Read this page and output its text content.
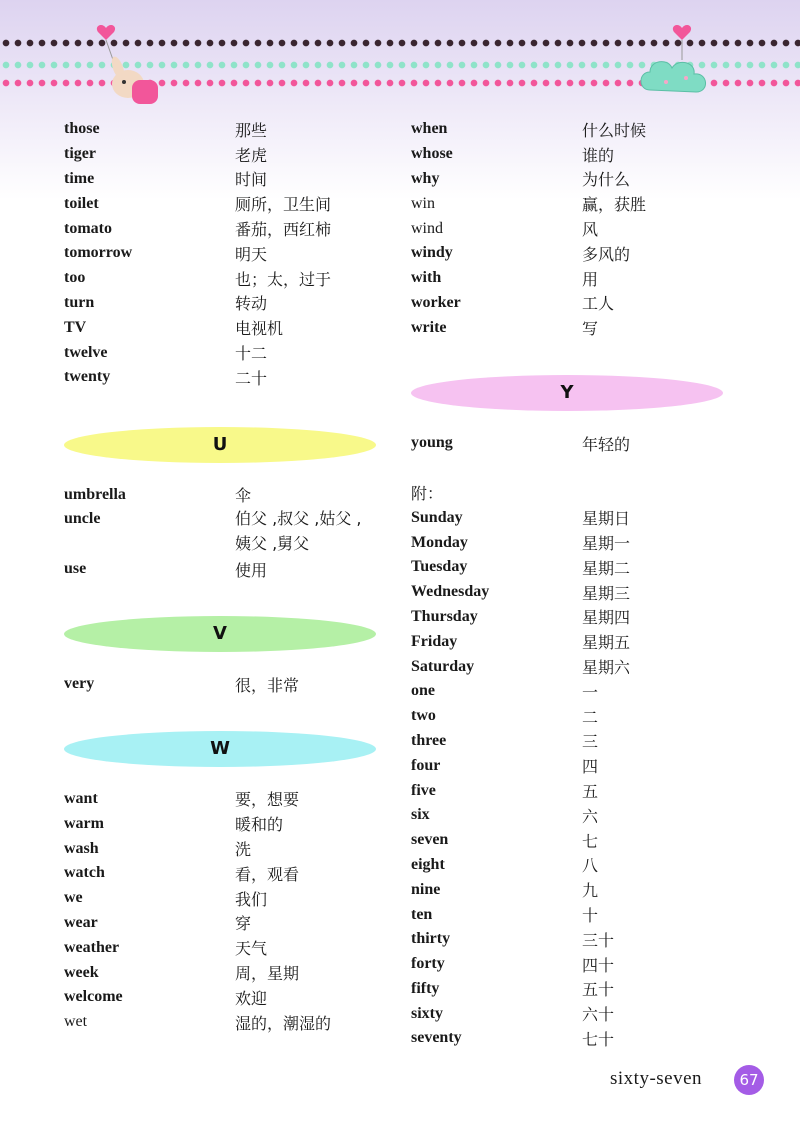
those	那些
tiger	老虎
time	时间
toilet	厕所，卫生间
tomato	番茄，西红柿
tomorrow	明天
too	也；太，过于
turn	转动
TV	电视机
twelve	十二
twenty	二十
U
umbrella	伞
uncle	伯父 ,叔父 ,姑父 ,
姨父 ,舅父
use	使用
V
very	很，非常
W
want	要，想要
warm	暖和的
wash	洗
watch	看，观看
we	我们
wear	穿
weather	天气
week	周，星期
welcome	欢迎
wet	湿的，潮湿的
when	什么时候
whose	谁的
why	为什么
win	赢，获胜
wind	风
windy	多风的
with	用
worker	工人
write	写
Y
young	年轻的
附：
Sunday	星期日
Monday	星期一
Tuesday	星期二
Wednesday	星期三
Thursday	星期四
Friday	星期五
Saturday	星期六
one	一
two	二
three	三
four	四
five	五
six	六
seven	七
eight	八
nine	九
ten	十
thirty	三十
forty	四十
fifty	五十
sixty	六十
seventy	七十
sixty-seven	67
